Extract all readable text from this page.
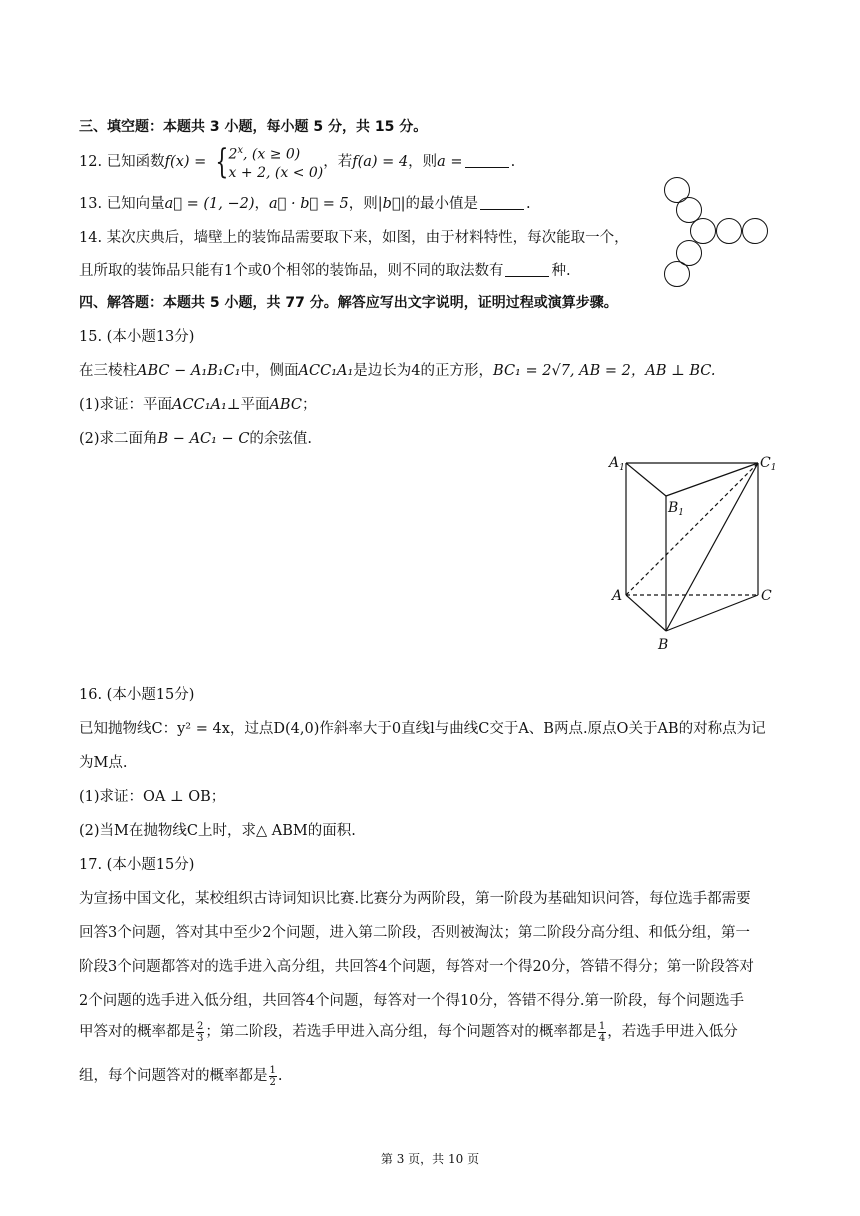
三、填空题：本题共 3 小题，每小题 5 分，共 15 分。
12. 已知函数f(x) = { 2$^x$, (x ≥ 0)
x + 2, (x < 0)
，若f(a) = 4，则a =	.
13. 已知向量a⃗ = (1, −2)，a⃗ · b⃗ = 5，则|b⃗|的最小值是	.
14. 某次庆典后，墙壁上的装饰品需要取下来，如图，由于材料特性，每次能取一个，
且所取的装饰品只能有1个或0个相邻的装饰品，则不同的取法数有	种.
四、解答题：本题共 5 小题，共 77 分。解答应写出文字说明，证明过程或演算步骤。
15. (本小题13分)
在三棱柱ABC − A₁B₁C₁中，侧面ACC₁A₁是边长为4的正方形，BC₁ = 2√7, AB = 2，AB ⊥ BC.
(1)求证：平面ACC₁A₁⊥平面ABC；
(2)求二面角B − AC₁ − C的余弦值.
$A_1$	$C_1$
$B_1$
A	C
B
16. (本小题15分)
已知抛物线C：y² = 4x，过点D(4,0)作斜率大于0直线l与曲线C交于A、B两点.原点O关于AB的对称点为记
为M点.
(1)求证：OA ⊥ OB；
(2)当M在抛物线C上时，求△ ABM的面积.
17. (本小题15分)
为宣扬中国文化，某校组织古诗词知识比赛.比赛分为两阶段，第一阶段为基础知识问答，每位选手都需要
回答3个问题，答对其中至少2个问题，进入第二阶段，否则被淘汰；第二阶段分高分组、和低分组，第一
阶段3个问题都答对的选手进入高分组，共回答4个问题，每答对一个得20分，答错不得分；第一阶段答对
2个问题的选手进入低分组，共回答4个问题，每答对一个得10分，答错不得分.第一阶段，每个问题选手
甲答对的概率都是 $\frac{2}{3}$ ；第二阶段，若选手甲进入高分组，每个问题答对的概率都是 $\frac{1}{4}$ ，若选手甲进入低分
组，每个问题答对的概率都是 $\frac{1}{2}$ .
第 3 页，共 10 页
